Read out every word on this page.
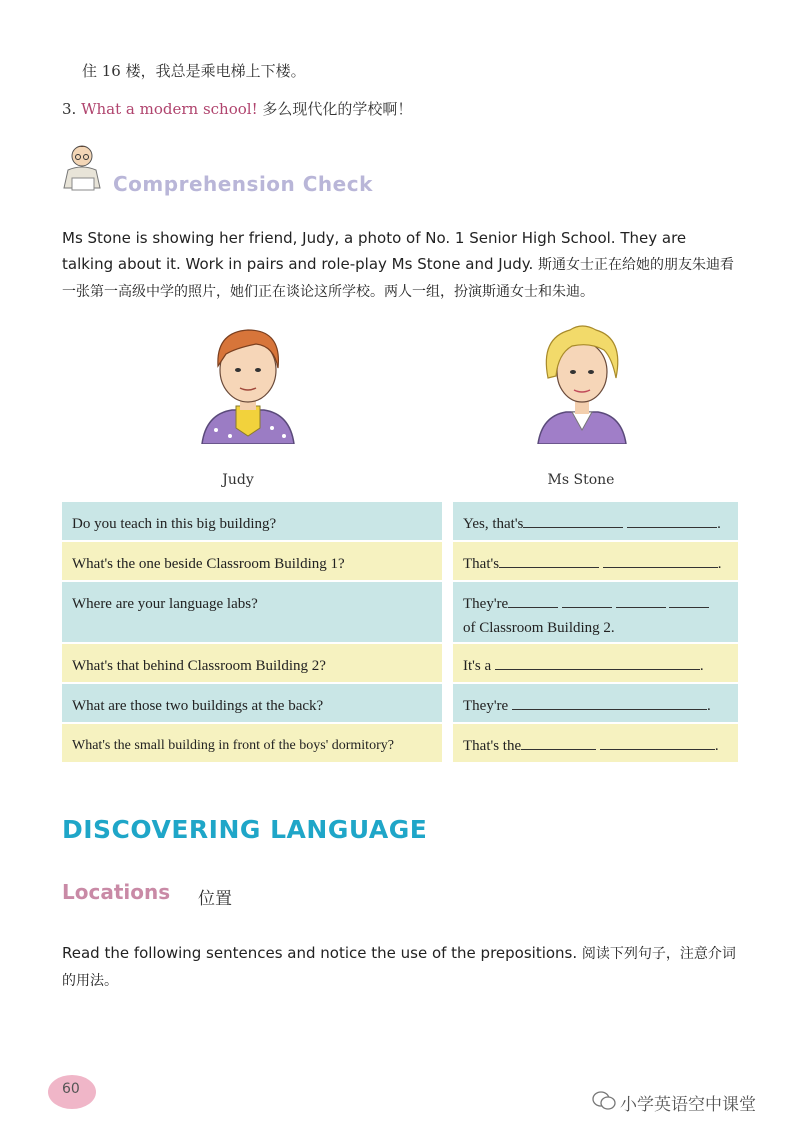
住 16 楼，我总是乘电梯上下楼。
3. What a modern school! 多么现代化的学校啊！
Comprehension Check
Ms Stone is showing her friend, Judy, a photo of No. 1 Senior High School. They are talking about it. Work in pairs and role-play Ms Stone and Judy. 斯通女士正在给她的朋友朱迪看一张第一高级中学的照片，她们正在谈论这所学校。两人一组，扮演斯通女士和朱迪。
Judy	Ms Stone
Do you teach in this big building?	Yes, that's	.
What's the one beside Classroom Building 1?	That's	.
Where are your language labs?	They're
of Classroom Building 2.
What's that behind Classroom Building 2?	It's a	.
What are those two buildings at the back?	They're	.
What's the small building in front of the boys' dormitory?	That's the	.
DISCOVERING LANGUAGE
Locations 位置
Read the following sentences and notice the use of the prepositions. 阅读下列句子，注意介词的用法。
60
小学英语空中课堂
